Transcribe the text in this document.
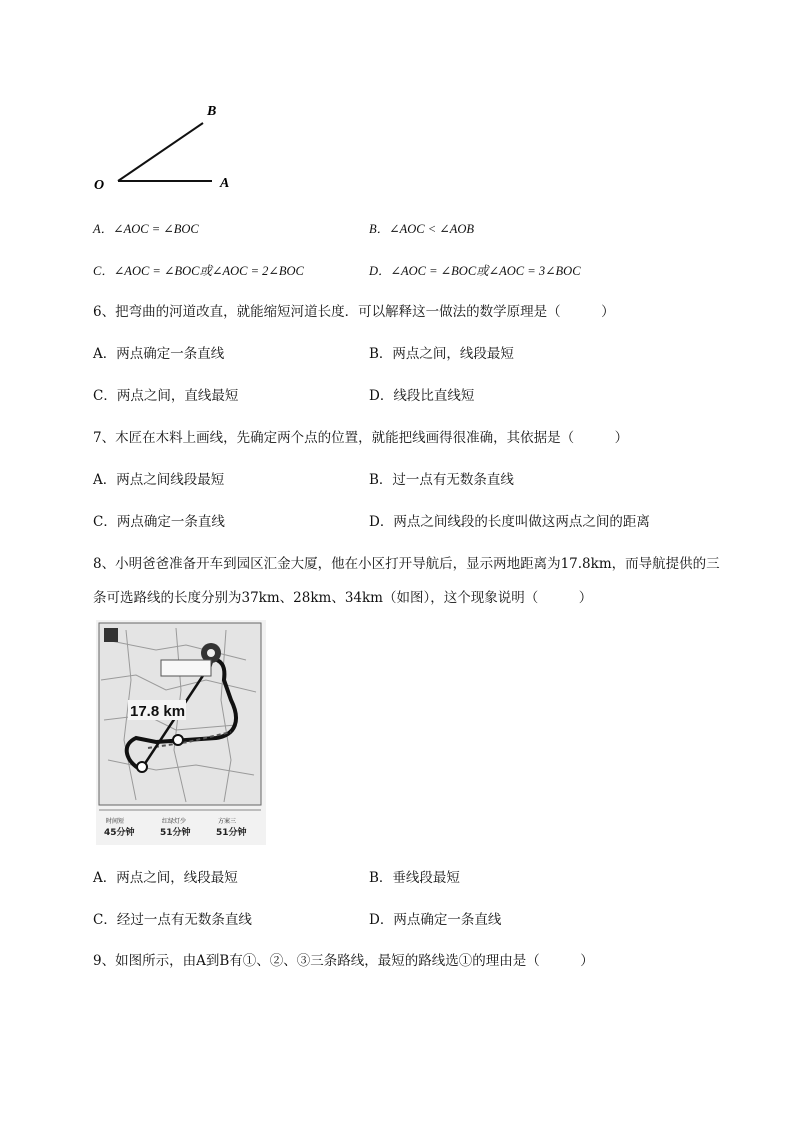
O	A
B
A．∠AOC = ∠BOC	B．∠AOC < ∠AOB
C．∠AOC = ∠BOC或∠AOC = 2∠BOC	D．∠AOC = ∠BOC或∠AOC = 3∠BOC
6、把弯曲的河道改直，就能缩短河道长度．可以解释这一做法的数学原理是（　　　）
A．两点确定一条直线	B．两点之间，线段最短
C．两点之间，直线最短	D．线段比直线短
7、木匠在木料上画线，先确定两个点的位置，就能把线画得很准确，其依据是（　　　）
A．两点之间线段最短	B．过一点有无数条直线
C．两点确定一条直线	D．两点之间线段的长度叫做这两点之间的距离
8、小明爸爸准备开车到园区汇金大厦，他在小区打开导航后，显示两地距离为17.8km，而导航提供的三条可选路线的长度分别为37km、28km、34km（如图），这个现象说明（　　　）
17.8 km
时间短
45分钟
红绿灯少
51分钟
方案三
51分钟
A．两点之间，线段最短	B．垂线段最短
C．经过一点有无数条直线	D．两点确定一条直线
9、如图所示，由A到B有①、②、③三条路线，最短的路线选①的理由是（　　　）
